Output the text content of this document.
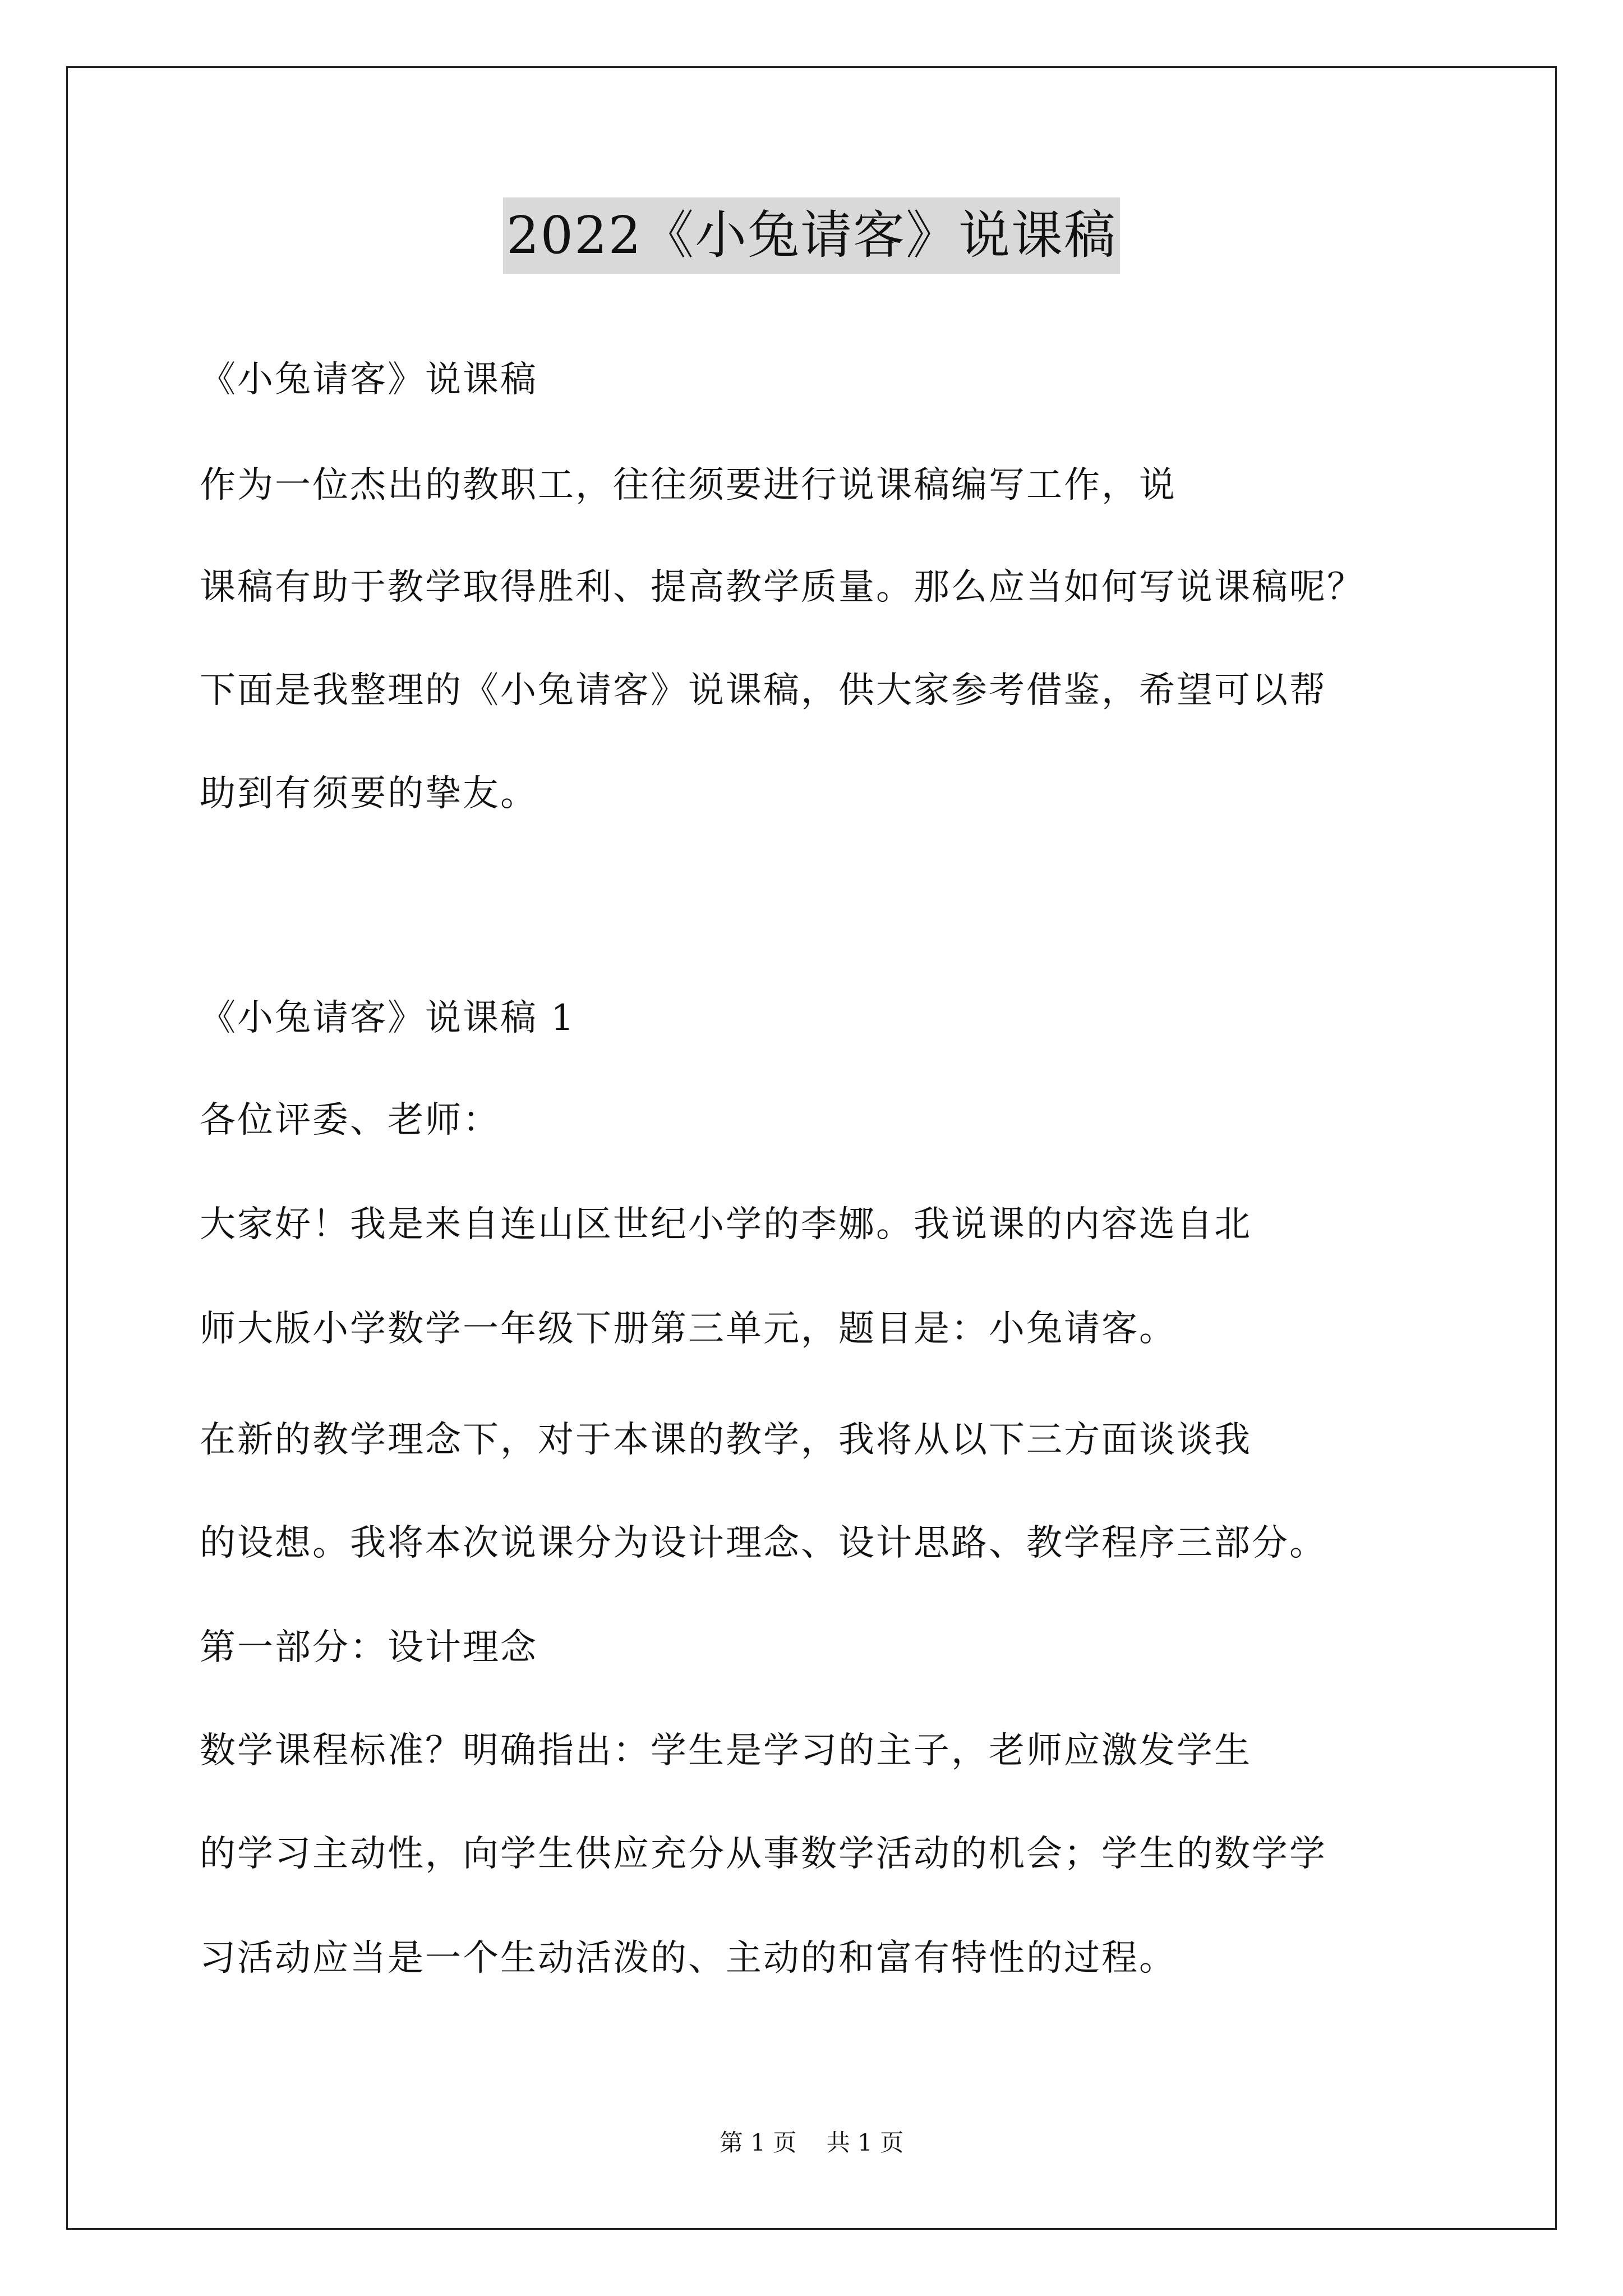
2022《小兔请客》说课稿
《小兔请客》说课稿
作为一位杰出的教职工，往往须要进行说课稿编写工作，说
课稿有助于教学取得胜利、提高教学质量。那么应当如何写说课稿呢？
下面是我整理的《小兔请客》说课稿，供大家参考借鉴，希望可以帮
助到有须要的挚友。
《小兔请客》说课稿 1
各位评委、老师：
大家好！我是来自连山区世纪小学的李娜。我说课的内容选自北
师大版小学数学一年级下册第三单元，题目是：小兔请客。
在新的教学理念下，对于本课的教学，我将从以下三方面谈谈我
的设想。我将本次说课分为设计理念、设计思路、教学程序三部分。
第一部分：设计理念
数学课程标准？明确指出：学生是学习的主子，老师应激发学生
的学习主动性，向学生供应充分从事数学活动的机会；学生的数学学
习活动应当是一个生动活泼的、主动的和富有特性的过程。
第 1 页    共 1 页
